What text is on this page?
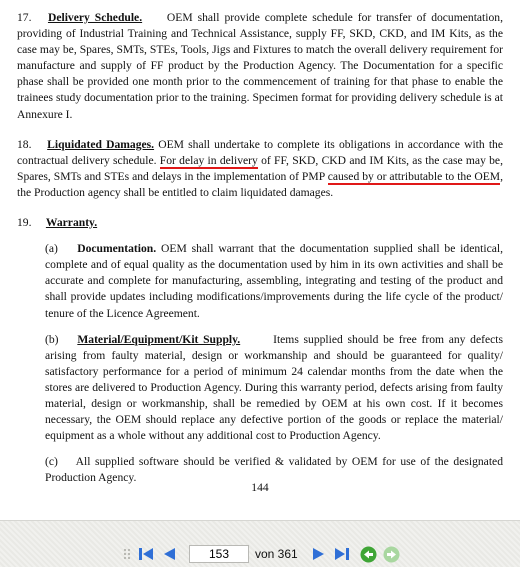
17. Delivery Schedule. OEM shall provide complete schedule for transfer of documentation, providing of Industrial Training and Technical Assistance, supply FF, SKD, CKD, and IM Kits, as the case may be, Spares, SMTs, STEs, Tools, Jigs and Fixtures to match the overall delivery requirement for manufacture and supply of FF product by the Production Agency. The Documentation for a specific phase shall be provided one month prior to the commencement of training for that phase to enable the trainees study documentation prior to the training. Specimen format for providing delivery schedule is at Annexure I.

18. Liquidated Damages. OEM shall undertake to complete its obligations in accordance with the contractual delivery schedule. For delay in delivery of FF, SKD, CKD and IM Kits, as the case may be, Spares, SMTs and STEs and delays in the implementation of PMP caused by or attributable to the OEM, the Production agency shall be entitled to claim liquidated damages.

19. Warranty.

(a) Documentation. OEM shall warrant that the documentation supplied shall be identical, complete and of equal quality as the documentation used by him in its own activities and shall be accurate and complete for manufacturing, assembling, integrating and testing of the product and shall provide updates including modifications/improvements during the life cycle of the product/ tenure of the Licence Agreement.

(b) Material/Equipment/Kit Supply.	Items supplied should be free from any defects arising from faulty material, design or workmanship and should be guaranteed for quality/ satisfactory performance for a period of minimum 24 calendar months from the date when the stores are delivered to Production Agency. During this warranty period, defects arising from faulty material, design or workmanship, shall be remedied by OEM at his own cost. If it becomes necessary, the OEM should replace any defective portion of the goods or replace the material/ equipment as a whole without any additional cost to Production Agency.

(c) All supplied software should be verified & validated by OEM for use of the designated Production Agency.

144
153
von 361
